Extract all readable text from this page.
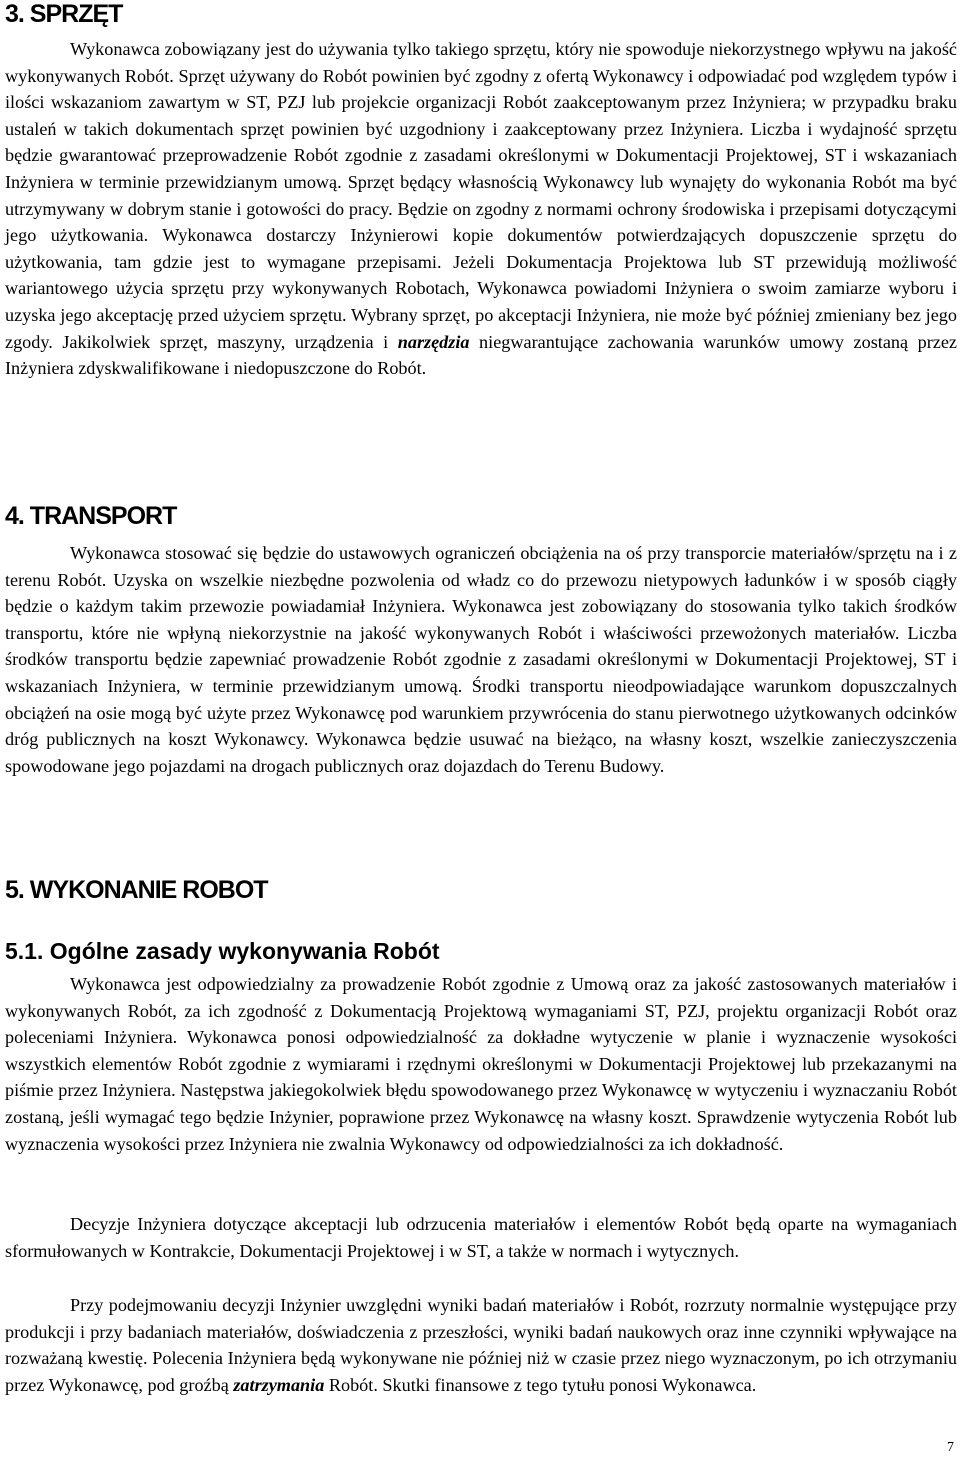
3. SPRZĘT

Wykonawca zobowiązany jest do używania tylko takiego sprzętu, który nie spowoduje niekorzystnego wpływu na jakość wykonywanych Robót. Sprzęt używany do Robót powinien być zgodny z ofertą Wykonawcy i odpowiadać pod względem typów i ilości wskazaniom zawartym w ST, PZJ lub projekcie organizacji Robót zaakceptowanym przez Inżyniera; w przypadku braku ustaleń w takich dokumentach sprzęt powinien być uzgodniony i zaakceptowany przez Inżyniera. Liczba i wydajność sprzętu będzie gwarantować przeprowadzenie Robót zgodnie z zasadami określonymi w Dokumentacji Projektowej, ST i wskazaniach Inżyniera w terminie przewidzianym umową. Sprzęt będący własnością Wykonawcy lub wynajęty do wykonania Robót ma być utrzymywany w dobrym stanie i gotowości do pracy. Będzie on zgodny z normami ochrony środowiska i przepisami dotyczącymi jego użytkowania. Wykonawca dostarczy Inżynierowi kopie dokumentów potwierdzających dopuszczenie sprzętu do użytkowania, tam gdzie jest to wymagane przepisami. Jeżeli Dokumentacja Projektowa lub ST przewidują możliwość wariantowego użycia sprzętu przy wykonywanych Robotach, Wykonawca powiadomi Inżyniera o swoim zamiarze wyboru i uzyska jego akceptację przed użyciem sprzętu. Wybrany sprzęt, po akceptacji Inżyniera, nie może być później zmieniany bez jego zgody. Jakikolwiek sprzęt, maszyny, urządzenia i narzędzia niegwarantujące zachowania warunków umowy zostaną przez Inżyniera zdyskwalifikowane i niedopuszczone do Robót.

4. TRANSPORT

Wykonawca stosować się będzie do ustawowych ograniczeń obciążenia na oś przy transporcie materiałów/sprzętu na i z terenu Robót. Uzyska on wszelkie niezbędne pozwolenia od władz co do przewozu nietypowych ładunków i w sposób ciągły będzie o każdym takim przewozie powiadamiał Inżyniera. Wykonawca jest zobowiązany do stosowania tylko takich środków transportu, które nie wpłyną niekorzystnie na jakość wykonywanych Robót i właściwości przewożonych materiałów. Liczba środków transportu będzie zapewniać prowadzenie Robót zgodnie z zasadami określonymi w Dokumentacji Projektowej, ST i wskazaniach Inżyniera, w terminie przewidzianym umową. Środki transportu nieodpowiadające warunkom dopuszczalnych obciążeń na osie mogą być użyte przez Wykonawcę pod warunkiem przywrócenia do stanu pierwotnego użytkowanych odcinków dróg publicznych na koszt Wykonawcy. Wykonawca będzie usuwać na bieżąco, na własny koszt, wszelkie zanieczyszczenia spowodowane jego pojazdami na drogach publicznych oraz dojazdach do Terenu Budowy.

5. WYKONANIE ROBOT
5.1. Ogólne zasady wykonywania Robót

Wykonawca jest odpowiedzialny za prowadzenie Robót zgodnie z Umową oraz za jakość zastosowanych materiałów i wykonywanych Robót, za ich zgodność z Dokumentacją Projektową wymaganiami ST, PZJ, projektu organizacji Robót oraz poleceniami Inżyniera. Wykonawca ponosi odpowiedzialność za dokładne wytyczenie w planie i wyznaczenie wysokości wszystkich elementów Robót zgodnie z wymiarami i rzędnymi określonymi w Dokumentacji Projektowej lub przekazanymi na piśmie przez Inżyniera. Następstwa jakiegokolwiek błędu spowodowanego przez Wykonawcę w wytyczeniu i wyznaczaniu Robót zostaną, jeśli wymagać tego będzie Inżynier, poprawione przez Wykonawcę na własny koszt. Sprawdzenie wytyczenia Robót lub wyznaczenia wysokości przez Inżyniera nie zwalnia Wykonawcy od odpowiedzialności za ich dokładność.

Decyzje Inżyniera dotyczące akceptacji lub odrzucenia materiałów i elementów Robót będą oparte na wymaganiach sformułowanych w Kontrakcie, Dokumentacji Projektowej i w ST, a także w normach i wytycznych.

Przy podejmowaniu decyzji Inżynier uwzględni wyniki badań materiałów i Robót, rozrzuty normalnie występujące przy produkcji i przy badaniach materiałów, doświadczenia z przeszłości, wyniki badań naukowych oraz inne czynniki wpływające na rozważaną kwestię. Polecenia Inżyniera będą wykonywane nie później niż w czasie przez niego wyznaczonym, po ich otrzymaniu przez Wykonawcę, pod groźbą zatrzymania Robót. Skutki finansowe z tego tytułu ponosi Wykonawca.

7
